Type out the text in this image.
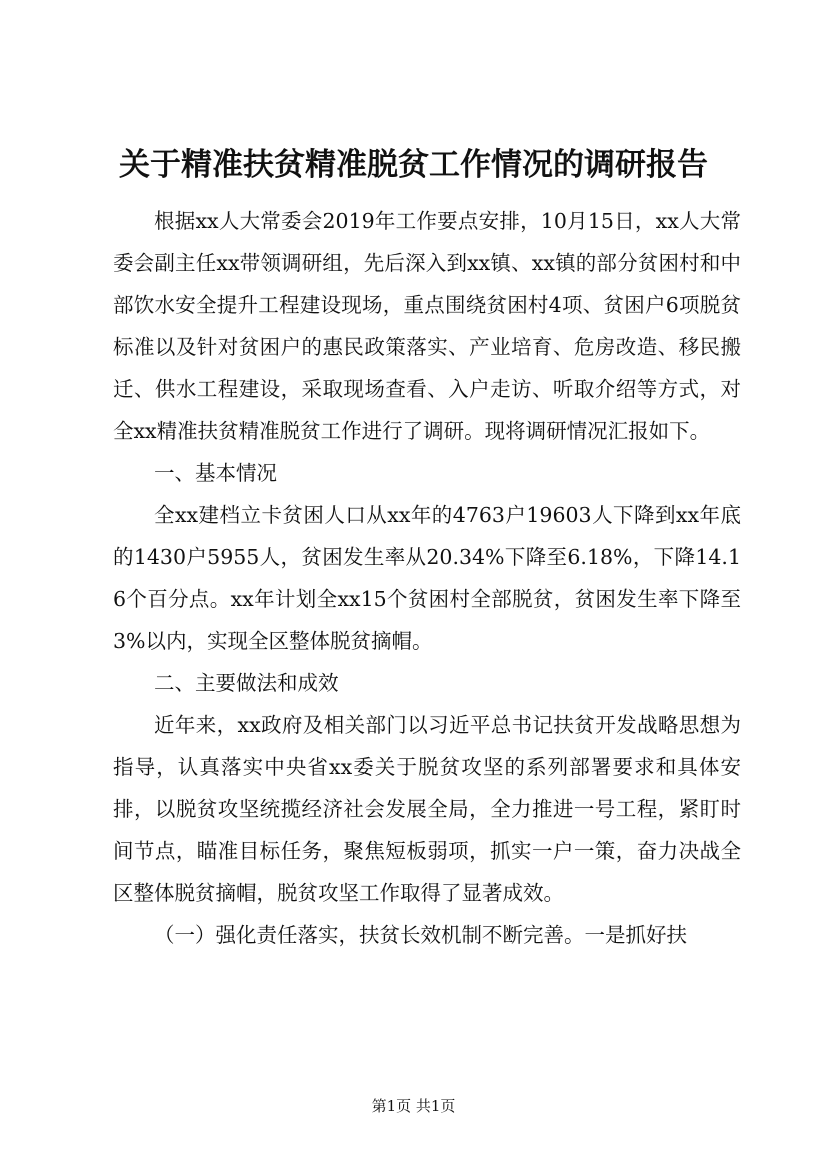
关于精准扶贫精准脱贫工作情况的调研报告

根据xx人大常委会2019年工作要点安排，10月15日，xx人大常委会副主任xx带领调研组，先后深入到xx镇、xx镇的部分贫困村和中部饮水安全提升工程建设现场，重点围绕贫困村4项、贫困户6项脱贫标准以及针对贫困户的惠民政策落实、产业培育、危房改造、移民搬迁、供水工程建设，采取现场查看、入户走访、听取介绍等方式，对全xx精准扶贫精准脱贫工作进行了调研。现将调研情况汇报如下。

一、基本情况

全xx建档立卡贫困人口从xx年的4763户19603人下降到xx年底的1430户5955人，贫困发生率从20.34%下降至6.18%，下降14.16个百分点。xx年计划全xx15个贫困村全部脱贫，贫困发生率下降至3%以内，实现全区整体脱贫摘帽。

二、主要做法和成效

近年来，xx政府及相关部门以习近平总书记扶贫开发战略思想为指导，认真落实中央省xx委关于脱贫攻坚的系列部署要求和具体安排，以脱贫攻坚统揽经济社会发展全局，全力推进一号工程，紧盯时间节点，瞄准目标任务，聚焦短板弱项，抓实一户一策，奋力决战全区整体脱贫摘帽，脱贫攻坚工作取得了显著成效。

（一）强化责任落实，扶贫长效机制不断完善。一是抓好扶

第1页 共1页
